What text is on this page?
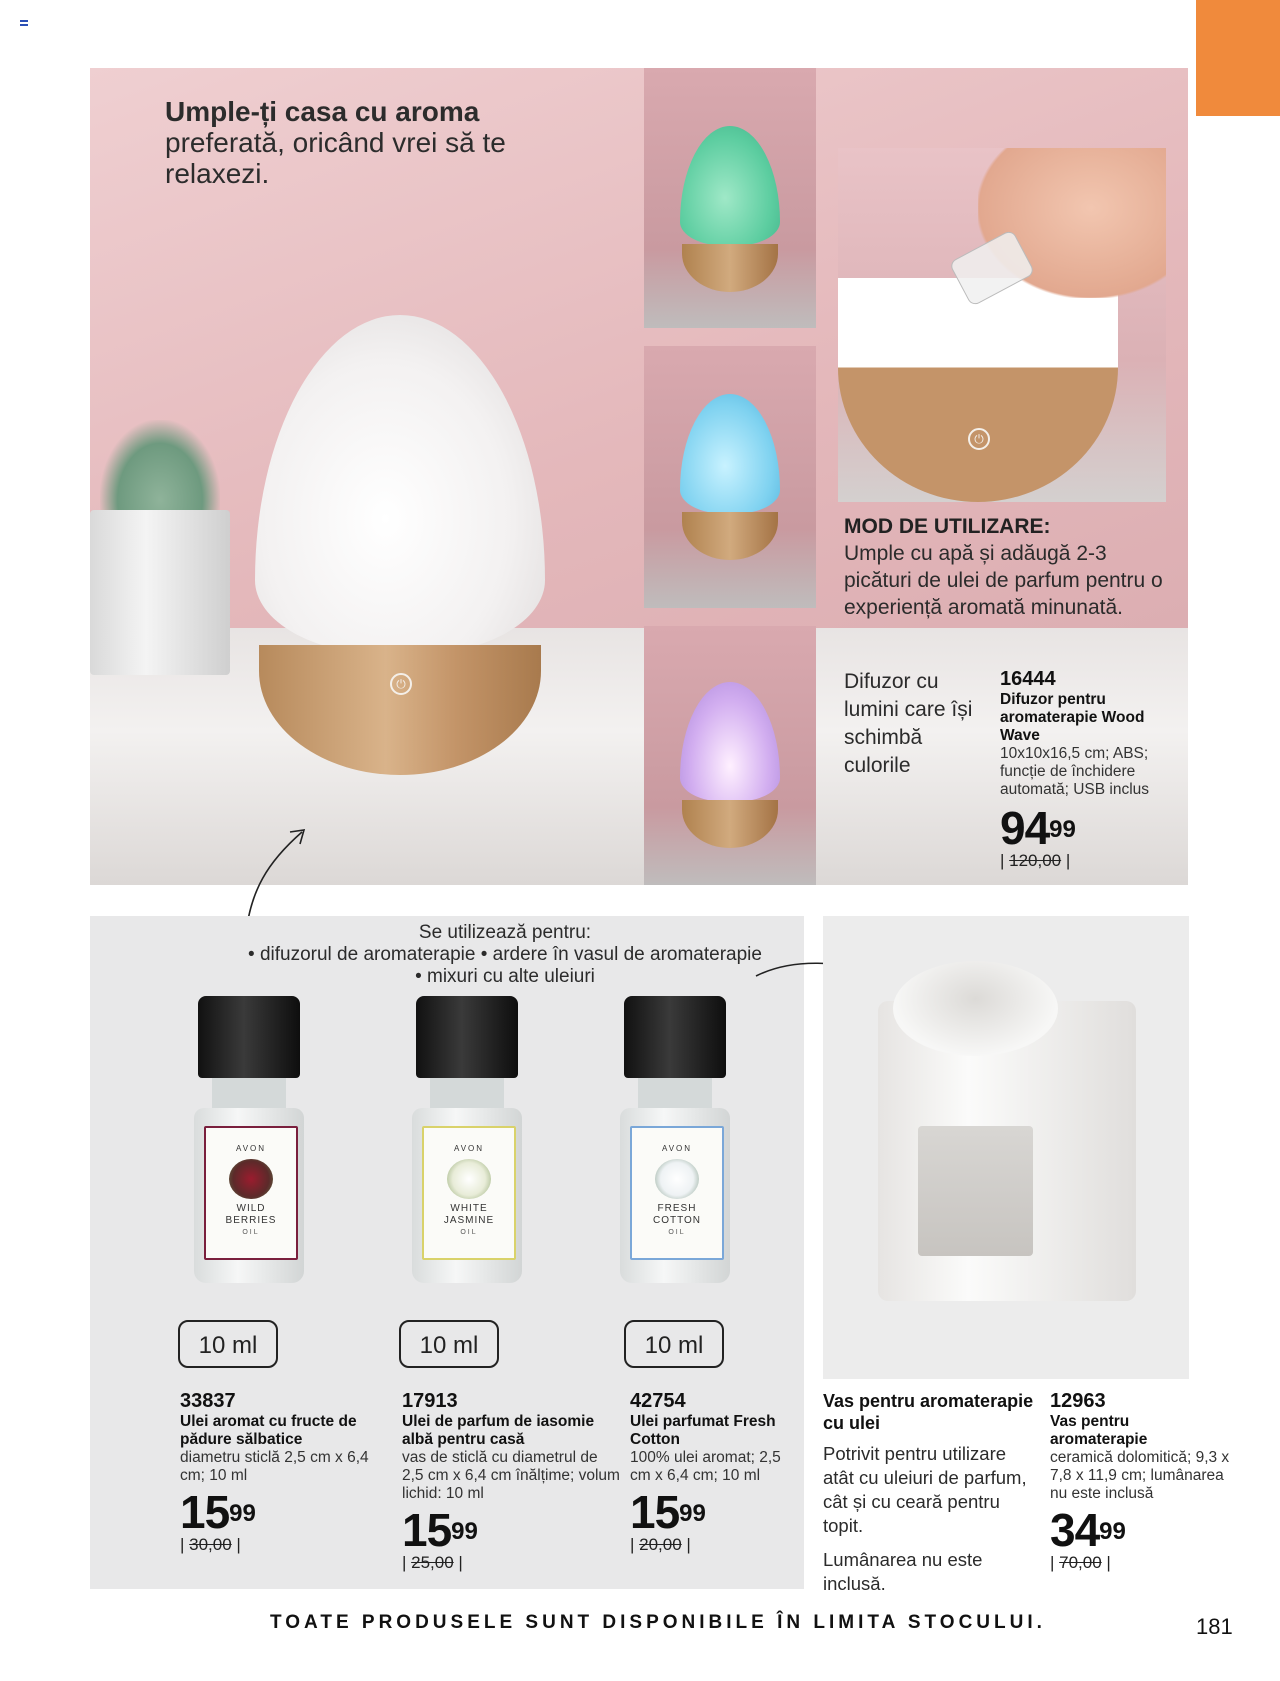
⏻
Umple-ți casa cu aroma
preferată, oricând vrei să te relaxezi.
⏻
MOD DE UTILIZARE:
Umple cu apă și adăugă 2-3 picături de ulei de parfum pentru o experiență aromată minunată.
Difuzor cu lumini care își schimbă culorile
16444
Difuzor pentru aromaterapie Wood Wave
10x10x16,5 cm; ABS; funcție de închidere automată; USB inclus
$94^{99}$
| 120,00 |
Se utilizează pentru:
• difuzorul de aromaterapie • ardere în vasul de aromaterapie
• mixuri cu alte uleiuri
AVON
WILD
BERRIES
OIL
AVON
WHITE
JASMINE
OIL
AVON
FRESH
COTTON
OIL
10 ml	10 ml	10 ml
33837
Ulei aromat cu fructe de pădure sălbatice
diametru sticlă 2,5 cm x 6,4 cm; 10 ml
$15^{99}$
| 30,00 |
17913
Ulei de parfum de iasomie albă pentru casă
vas de sticlă cu diametrul de 2,5 cm x 6,4 cm înălțime; volum lichid: 10 ml
$15^{99}$
| 25,00 |
42754
Ulei parfumat Fresh Cotton
100% ulei aromat; 2,5 cm x 6,4 cm; 10 ml
$15^{99}$
| 20,00 |
Vas pentru aromaterapie cu ulei
Potrivit pentru utilizare atât cu uleiuri de parfum, cât și cu ceară pentru topit.
Lumânarea nu este inclusă.
12963
Vas pentru aromaterapie
ceramică dolomitică; 9,3 x 7,8 x 11,9 cm; lumânarea nu este inclusă
$34^{99}$
| 70,00 |
TOATE PRODUSELE SUNT DISPONIBILE ÎN LIMITA STOCULUI.	181
